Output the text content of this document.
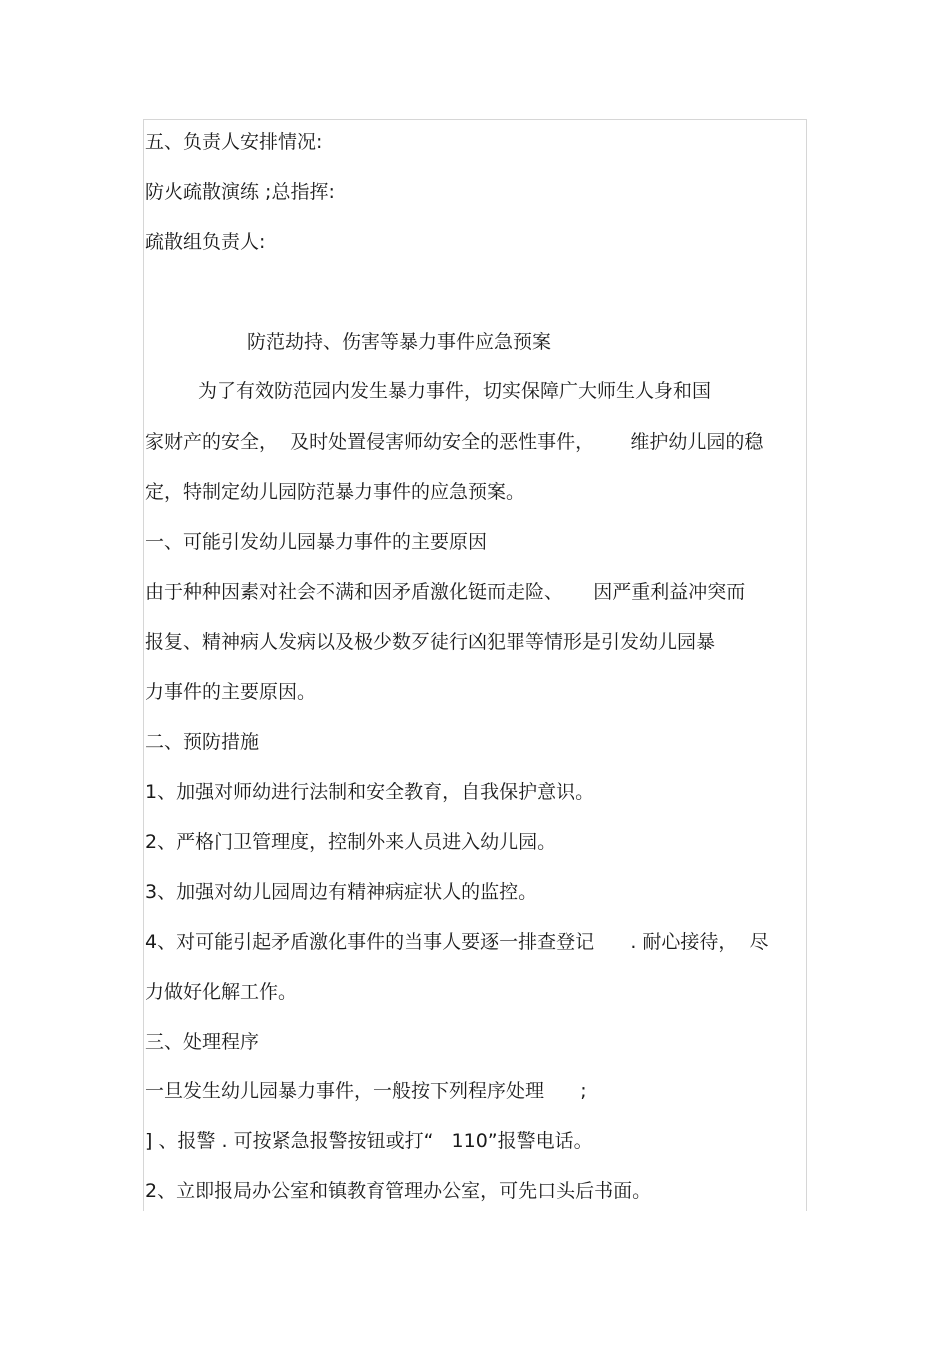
五、负责人安排情况:
防火疏散演练 ;总指挥:
疏散组负责人:
防范劫持、伤害等暴力事件应急预案
为了有效防范园内发生暴力事件，切实保障广大师生人身和国
家财产的安全，  及时处置侵害师幼安全的恶性事件，      维护幼儿园的稳
定，特制定幼儿园防范暴力事件的应急预案。
一、可能引发幼儿园暴力事件的主要原因
由于种种因素对社会不满和因矛盾激化铤而走险、     因严重利益冲突而
报复、精神病人发病以及极少数歹徒行凶犯罪等情形是引发幼儿园暴
力事件的主要原因。
二、预防措施
1、加强对师幼进行法制和安全教育，自我保护意识。
2、严格门卫管理度，控制外来人员进入幼儿园。
3、加强对幼儿园周边有精神病症状人的监控。
4、对可能引起矛盾激化事件的当事人要逐一排查登记      . 耐心接待，  尽
力做好化解工作。
三、处理程序
一旦发生幼儿园暴力事件，一般按下列程序处理      ;
] 、报警 . 可按紧急报警按钮或打“   110”报警电话。
2、立即报局办公室和镇教育管理办公室，可先口头后书面。
